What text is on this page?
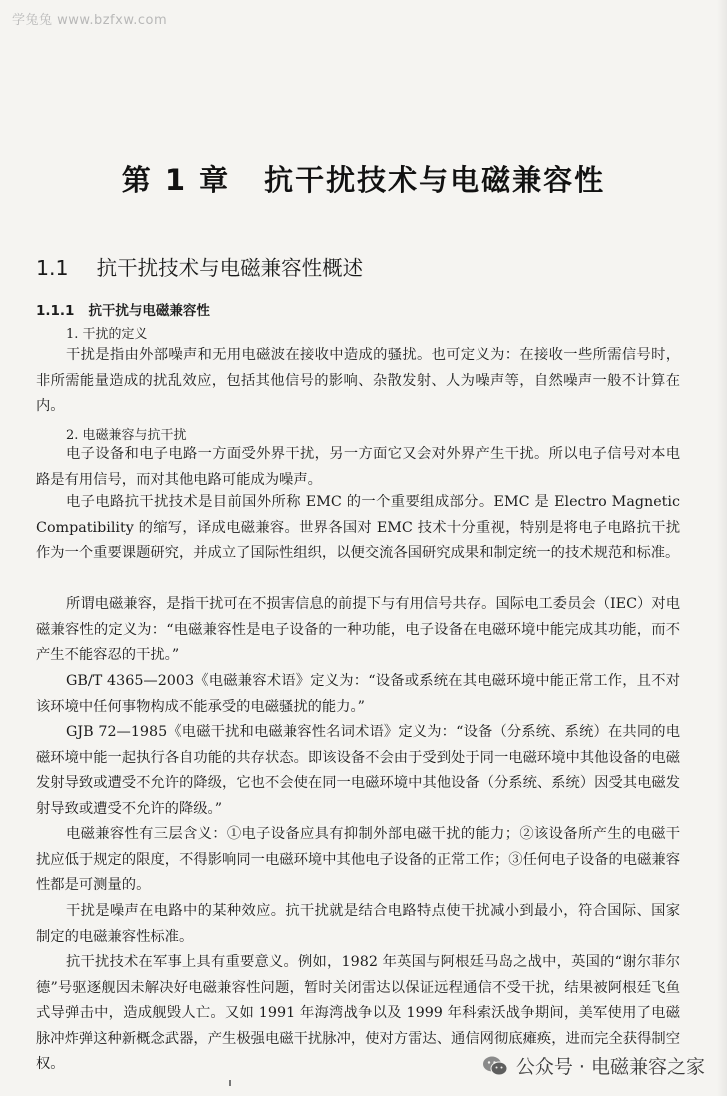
学兔兔 www.bzfxw.com
第 1 章 抗干扰技术与电磁兼容性
1.1 抗干扰技术与电磁兼容性概述
1.1.1 抗干扰与电磁兼容性
1. 干扰的定义

干扰是指由外部噪声和无用电磁波在接收中造成的骚扰。也可定义为：在接收一些所需信号时，非所需能量造成的扰乱效应，包括其他信号的影响、杂散发射、人为噪声等，自然噪声一般不计算在内。

2. 电磁兼容与抗干扰

电子设备和电子电路一方面受外界干扰，另一方面它又会对外界产生干扰。所以电子信号对本电路是有用信号，而对其他电路可能成为噪声。

电子电路抗干扰技术是目前国外所称 EMC 的一个重要组成部分。EMC 是 Electro Magnetic Compatibility 的缩写，译成电磁兼容。世界各国对 EMC 技术十分重视，特别是将电子电路抗干扰作为一个重要课题研究，并成立了国际性组织，以便交流各国研究成果和制定统一的技术规范和标准。

所谓电磁兼容，是指干扰可在不损害信息的前提下与有用信号共存。国际电工委员会（IEC）对电磁兼容性的定义为：“电磁兼容性是电子设备的一种功能，电子设备在电磁环境中能完成其功能，而不产生不能容忍的干扰。”

GB/T 4365—2003《电磁兼容术语》定义为：“设备或系统在其电磁环境中能正常工作，且不对该环境中任何事物构成不能承受的电磁骚扰的能力。”

GJB 72—1985《电磁干扰和电磁兼容性名词术语》定义为：“设备（分系统、系统）在共同的电磁环境中能一起执行各自功能的共存状态。即该设备不会由于受到处于同一电磁环境中其他设备的电磁发射导致或遭受不允许的降级，它也不会使在同一电磁环境中其他设备（分系统、系统）因受其电磁发射导致或遭受不允许的降级。”

电磁兼容性有三层含义：①电子设备应具有抑制外部电磁干扰的能力；②该设备所产生的电磁干扰应低于规定的限度，不得影响同一电磁环境中其他电子设备的正常工作；③任何电子设备的电磁兼容性都是可测量的。

干扰是噪声在电路中的某种效应。抗干扰就是结合电路特点使干扰减小到最小，符合国际、国家制定的电磁兼容性标准。

抗干扰技术在军事上具有重要意义。例如，1982 年英国与阿根廷马岛之战中，英国的“谢尔菲尔德”号驱逐舰因未解决好电磁兼容性问题，暂时关闭雷达以保证远程通信不受干扰，结果被阿根廷飞鱼式导弹击中，造成舰毁人亡。又如 1991 年海湾战争以及 1999 年科索沃战争期间，美军使用了电磁脉冲炸弹这种新概念武器，产生极强电磁干扰脉冲，使对方雷达、通信网彻底瘫痪，进而完全获得制空权。	公众号 · 电磁兼容之家
